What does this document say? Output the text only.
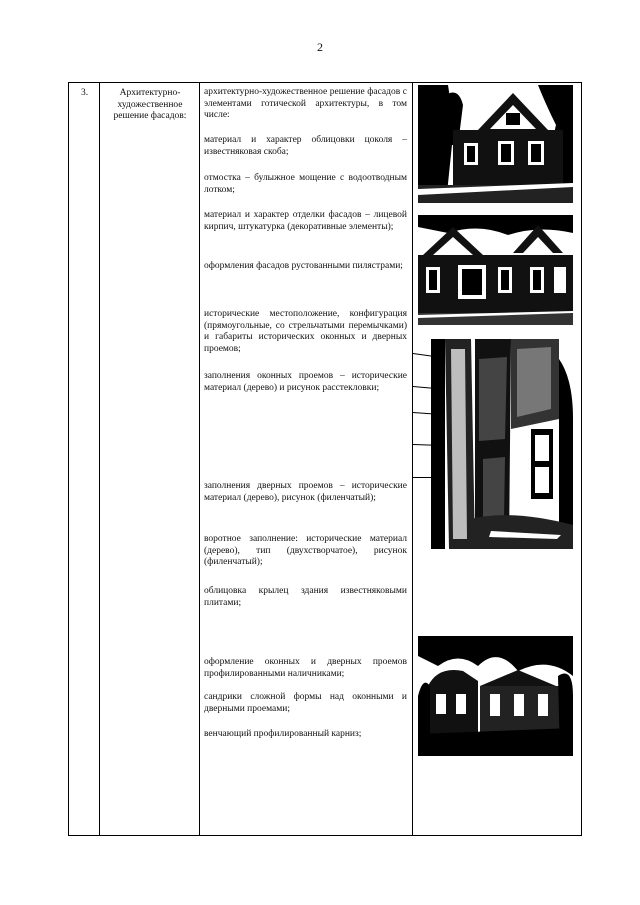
2
3.	Архитектурно-художественное решение фасадов:
архитектурно-художественное решение фасадов с элементами готической архитектуры, в том числе:
материал и характер облицовки цоколя – известняковая скоба;
отмостка – булыжное мощение с водоотводным лотком;
материал и характер отделки фасадов – лицевой кирпич, штукатурка (декоративные элементы);
оформления фасадов рустованными пилястрами;
исторические местоположение, конфигурация (прямоугольные, со стрельчатыми перемычками) и габариты исторических оконных и дверных проемов;
заполнения оконных проемов – исторические материал (дерево) и рисунок расстекловки;
заполнения дверных проемов – исторические материал (дерево), рисунок (филенчатый);
воротное заполнение: исторические материал (дерево), тип (двухстворчатое), рисунок (филенчатый);
облицовка крылец здания известняковыми плитами;
оформление оконных и дверных проемов профилированными наличниками;
сандрики сложной формы над оконными и дверными проемами;
венчающий профилированный карниз;
